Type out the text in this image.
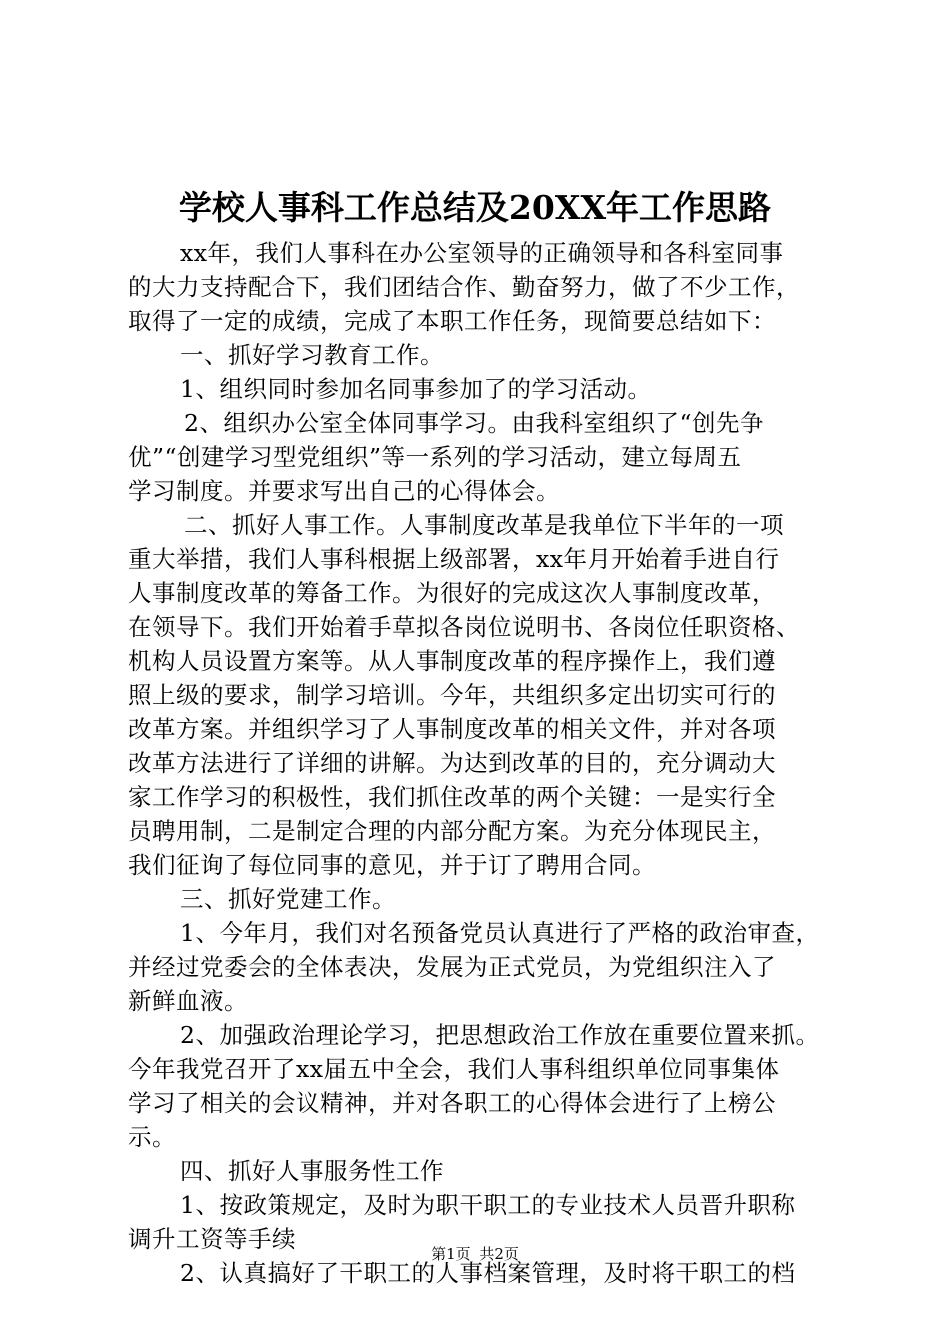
学校人事科工作总结及20XX年工作思路
xx年，我们人事科在办公室领导的正确领导和各科室同事
的大力支持配合下，我们团结合作、勤奋努力，做了不少工作，
取得了一定的成绩，完成了本职工作任务，现简要总结如下：
一、抓好学习教育工作。
1、组织同时参加名同事参加了的学习活动。
2、组织办公室全体同事学习。由我科室组织了“创先争
优”“创建学习型党组织”等一系列的学习活动，建立每周五
学习制度。并要求写出自己的心得体会。
二、抓好人事工作。人事制度改革是我单位下半年的一项
重大举措，我们人事科根据上级部署，xx年月开始着手进自行
人事制度改革的筹备工作。为很好的完成这次人事制度改革，
在领导下。我们开始着手草拟各岗位说明书、各岗位任职资格、
机构人员设置方案等。从人事制度改革的程序操作上，我们遵
照上级的要求，制学习培训。今年，共组织多定出切实可行的
改革方案。并组织学习了人事制度改革的相关文件，并对各项
改革方法进行了详细的讲解。为达到改革的目的，充分调动大
家工作学习的积极性，我们抓住改革的两个关键：一是实行全
员聘用制，二是制定合理的内部分配方案。为充分体现民主，
我们征询了每位同事的意见，并于订了聘用合同。
三、抓好党建工作。
1、今年月，我们对名预备党员认真进行了严格的政治审查，
并经过党委会的全体表决，发展为正式党员，为党组织注入了
新鲜血液。
2、加强政治理论学习，把思想政治工作放在重要位置来抓。
今年我党召开了xx届五中全会，我们人事科组织单位同事集体
学习了相关的会议精神，并对各职工的心得体会进行了上榜公
示。
四、抓好人事服务性工作
1、按政策规定，及时为职干职工的专业技术人员晋升职称
调升工资等手续
2、认真搞好了干职工的人事档案管理，及时将干职工的档
第1页 共2页
